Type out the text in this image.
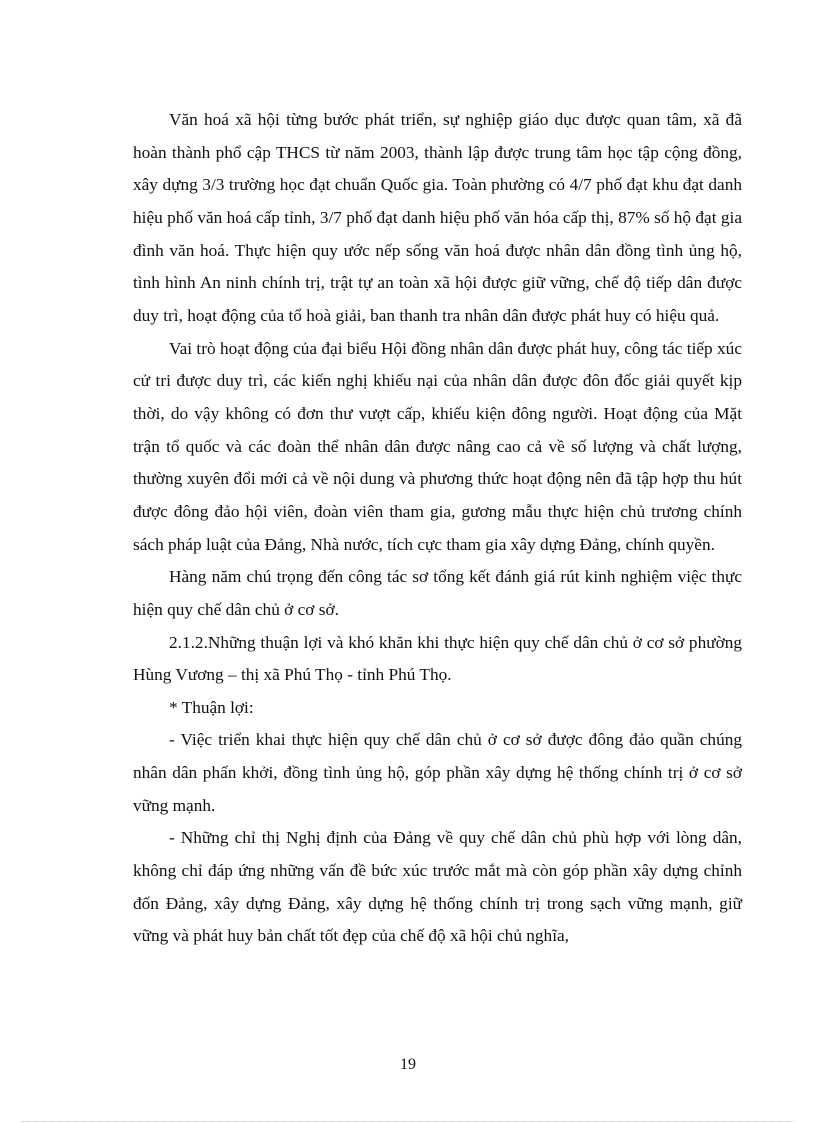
Văn hoá xã hội từng bước phát triển, sự nghiệp giáo dục được quan tâm, xã đã hoàn thành phổ cập THCS từ năm 2003, thành lập được trung tâm học tập cộng đồng, xây dựng 3/3 trường học đạt chuẩn Quốc gia. Toàn phường có 4/7 phố đạt khu đạt danh hiệu phố văn hoá cấp tỉnh, 3/7 phố đạt danh hiệu phố văn hóa cấp thị, 87% số hộ đạt gia đình văn hoá. Thực hiện quy ước nếp sống văn hoá được nhân dân đồng tình ủng hộ, tình hình An ninh chính trị, trật tự an toàn xã hội được giữ vững, chế độ tiếp dân được duy trì, hoạt động của tổ hoà giải, ban thanh tra nhân dân được phát huy có hiệu quả.

Vai trò hoạt động của đại biểu Hội đồng nhân dân được phát huy, công tác tiếp xúc cử tri được duy trì, các kiến nghị khiếu nại của nhân dân được đôn đốc giải quyết kịp thời, do vậy không có đơn thư vượt cấp, khiếu kiện đông người. Hoạt động của Mặt trận tổ quốc và các đoàn thể nhân dân được nâng cao cả về số lượng và chất lượng, thường xuyên đổi mới cả về nội dung và phương thức hoạt động nên đã tập hợp thu hút được đông đảo hội viên, đoàn viên tham gia, gương mẫu thực hiện chủ trương chính sách pháp luật của Đảng, Nhà nước, tích cực tham gia xây dựng Đảng, chính quyền.

Hàng năm chú trọng đến công tác sơ tổng kết đánh giá rút kinh nghiệm việc thực hiện quy chế dân chủ ở cơ sở.

2.1.2.Những thuận lợi và khó khăn khi thực hiện quy chế dân chủ ở cơ sở phường Hùng Vương – thị xã Phú Thọ - tỉnh Phú Thọ.

* Thuận lợi:

- Việc triển khai thực hiện quy chế dân chủ ở cơ sở được đông đảo quần chúng nhân dân phấn khởi, đồng tình ủng hộ, góp phần xây dựng hệ thống chính trị ở cơ sở vững mạnh.

- Những chỉ thị Nghị định của Đảng về quy chế dân chủ phù hợp với lòng dân, không chỉ đáp ứng những vấn đề bức xúc trước mắt mà còn góp phần xây dựng chỉnh đốn Đảng, xây dựng Đảng, xây dựng hệ thống chính trị trong sạch vững mạnh, giữ vững và phát huy bản chất tốt đẹp của chế độ xã hội chủ nghĩa,

19
